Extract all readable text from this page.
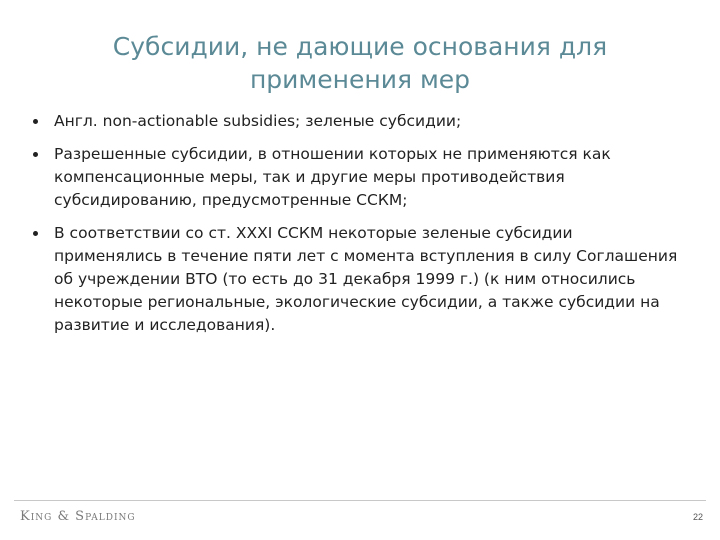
Субсидии, не дающие основания для применения мер
Англ. non-actionable subsidies; зеленые субсидии;
Разрешенные субсидии, в отношении которых не применяются как компенсационные меры, так и другие меры противодействия субсидированию, предусмотренные ССКМ;
В соответствии со ст. XXXI ССКМ некоторые зеленые субсидии применялись в течение пяти лет с момента вступления в силу Соглашения об учреждении ВТО (то есть до 31 декабря 1999 г.) (к ним относились некоторые региональные, экологические субсидии, а также субсидии на развитие и исследования).
King & Spalding	22
